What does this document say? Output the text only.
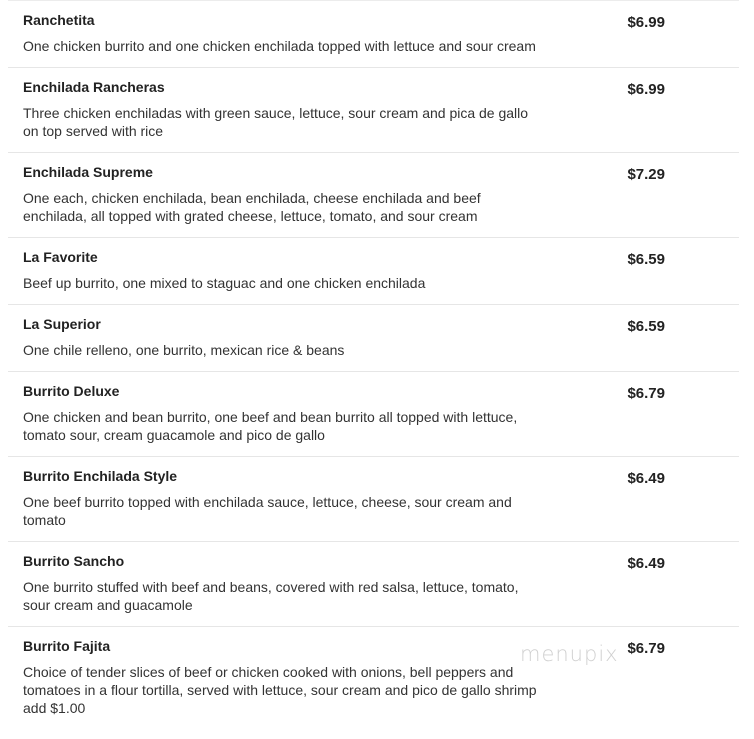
Ranchetita	$6.99
One chicken burrito and one chicken enchilada topped with lettuce and sour cream
Enchilada Rancheras	$6.99
Three chicken enchiladas with green sauce, lettuce, sour cream and pica de gallo on top served with rice
Enchilada Supreme	$7.29
One each, chicken enchilada, bean enchilada, cheese enchilada and beef enchilada, all topped with grated cheese, lettuce, tomato, and sour cream
La Favorite	$6.59
Beef up burrito, one mixed to staguac and one chicken enchilada
La Superior	$6.59
One chile relleno, one burrito, mexican rice & beans
Burrito Deluxe	$6.79
One chicken and bean burrito, one beef and bean burrito all topped with lettuce, tomato sour, cream guacamole and pico de gallo
Burrito Enchilada Style	$6.49
One beef burrito topped with enchilada sauce, lettuce, cheese, sour cream and tomato
Burrito Sancho	$6.49
One burrito stuffed with beef and beans, covered with red salsa, lettuce, tomato, sour cream and guacamole
Burrito Fajita	$6.79
Choice of tender slices of beef or chicken cooked with onions, bell peppers and tomatoes in a flour tortilla, served with lettuce, sour cream and pico de gallo shrimp add $1.00
menupix
